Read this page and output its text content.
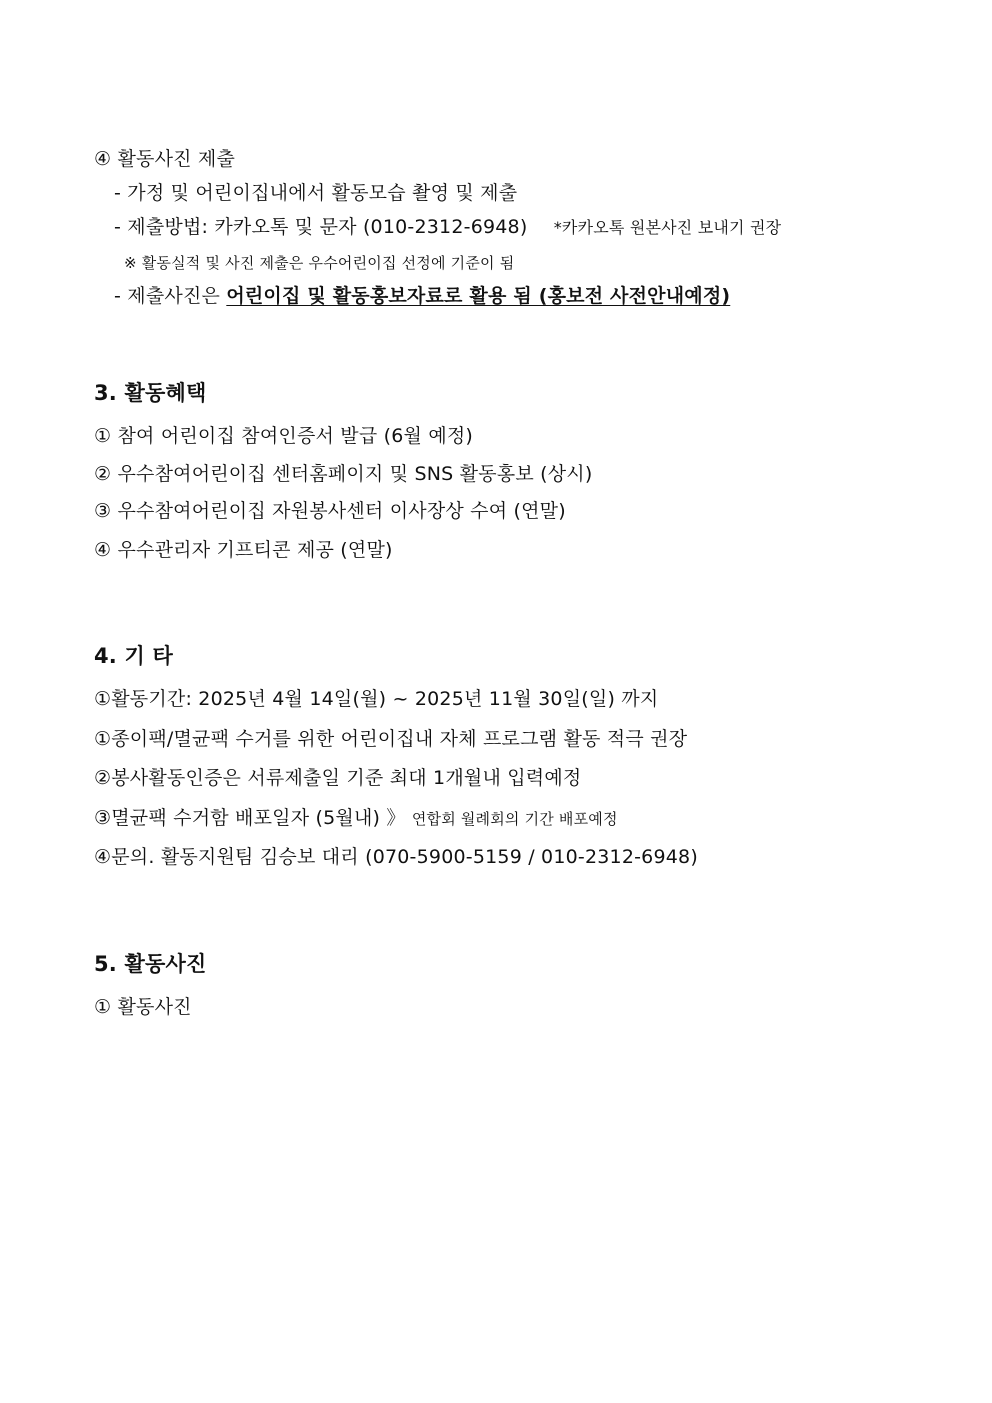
④ 활동사진 제출
- 가정 및 어린이집내에서 활동모습 촬영 및 제출
- 제출방법: 카카오톡 및 문자 (010-2312-6948) *카카오톡 원본사진 보내기 권장
※ 활동실적 및 사진 제출은 우수어린이집 선정에 기준이 됨
- 제출사진은 어린이집 및 활동홍보자료로 활용 됨 (홍보전 사전안내예정)
3. 활동혜택
① 참여 어린이집 참여인증서 발급 (6월 예정)
② 우수참여어린이집 센터홈페이지 및 SNS 활동홍보 (상시)
③ 우수참여어린이집 자원봉사센터 이사장상 수여 (연말)
④ 우수관리자 기프티콘 제공 (연말)
4. 기 타
①활동기간: 2025년 4월 14일(월) ~ 2025년 11월 30일(일) 까지
①종이팩/멸균팩 수거를 위한 어린이집내 자체 프로그램 활동 적극 권장
②봉사활동인증은 서류제출일 기준 최대 1개월내 입력예정
③멸균팩 수거함 배포일자 (5월내) 》 연합회 월례회의 기간 배포예정
④문의. 활동지원팀 김승보 대리 (070-5900-5159 / 010-2312-6948)
5. 활동사진
① 활동사진
